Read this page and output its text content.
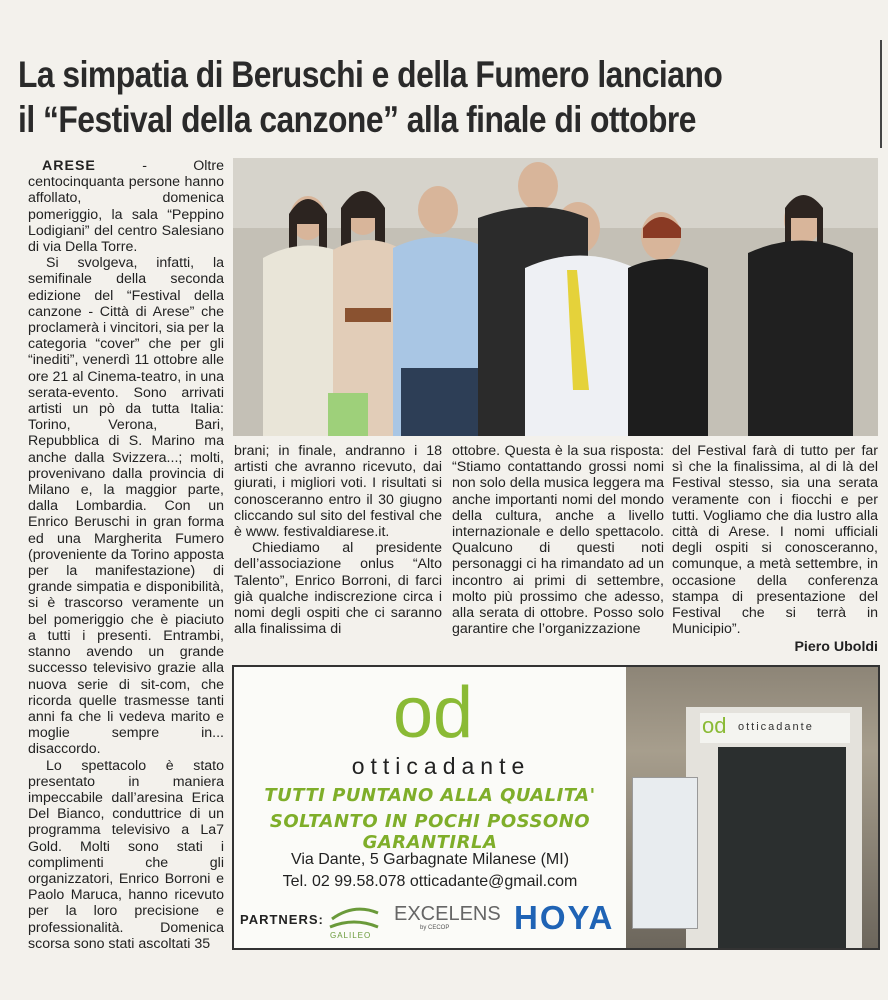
La simpatia di Beruschi e della Fumero lanciano
il “Festival della canzone” alla finale di ottobre

ARESE - Oltre centocinquanta persone hanno affollato, domenica pomeriggio, la sala “Peppino Lodigiani” del centro Salesiano di via Della Torre.

Si svolgeva, infatti, la semifinale della seconda edizione del “Festival della canzone - Città di Arese” che proclamerà i vincitori, sia per la categoria “cover” che per gli “inediti”, venerdì 11 ottobre alle ore 21 al Cinema-teatro, in una serata-evento. Sono arrivati artisti un pò da tutta Italia: Torino, Verona, Bari, Repubblica di S. Marino ma anche dalla Svizzera...; molti, provenivano dalla provincia di Milano e, la maggior parte, dalla Lombardia. Con un Enrico Beruschi in gran forma ed una Margherita Fumero (proveniente da Torino apposta per la manifestazione) di grande simpatia e disponibilità, si è trascorso veramente un bel pomeriggio che è piaciuto a tutti i presenti. Entrambi, stanno avendo un grande successo televisivo grazie alla nuova serie di sit-com, che ricorda quelle trasmesse tanti anni fa che li vedeva marito e moglie sempre in... disaccordo.

Lo spettacolo è stato presentato in maniera impeccabile dall’aresina Erica Del Bianco, conduttrice di un programma televisivo a La7 Gold. Molti sono stati i complimenti che gli organizzatori, Enrico Borroni e Paolo Maruca, hanno ricevuto per la loro precisione e professionalità. Domenica scorsa sono stati ascoltati 35

brani; in finale, andranno i 18 artisti che avranno ricevuto, dai giurati, i migliori voti. I risultati si conosceranno entro il 30 giugno cliccando sul sito del festival che è www. festivaldiarese.it.

Chiediamo al presidente dell’associazione onlus “Alto Talento”, Enrico Borroni, di farci già qualche indiscrezione circa i nomi degli ospiti che ci saranno alla finalissima di

ottobre. Questa è la sua risposta: “Stiamo contattando grossi nomi non solo della musica leggera ma anche importanti nomi del mondo della cultura, anche a livello internazionale e dello spettacolo. Qualcuno di questi noti personaggi ci ha rimandato ad un incontro ai primi di settembre, molto più prossimo che adesso, alla serata di ottobre. Posso solo garantire che l’organizzazione

del Festival farà di tutto per far sì che la finalissima, al di là del Festival stesso, sia una serata veramente con i fiocchi e per tutti. Vogliamo che dia lustro alla città di Arese. I nomi ufficiali degli ospiti si conosceranno, comunque, a metà settembre, in occasione della conferenza stampa di presentazione del Festival che si terrà in Municipio”.

Piero Uboldi

od
otticadante
TUTTI PUNTANO ALLA QUALITA'
SOLTANTO IN POCHI POSSONO GARANTIRLA
Via Dante, 5 Garbagnate Milanese (MI)
Tel. 02 99.58.078 otticadante@gmail.com
PARTNERS:
GALILEO
EXCELENS
by CECOP HOYA
od otticadante
